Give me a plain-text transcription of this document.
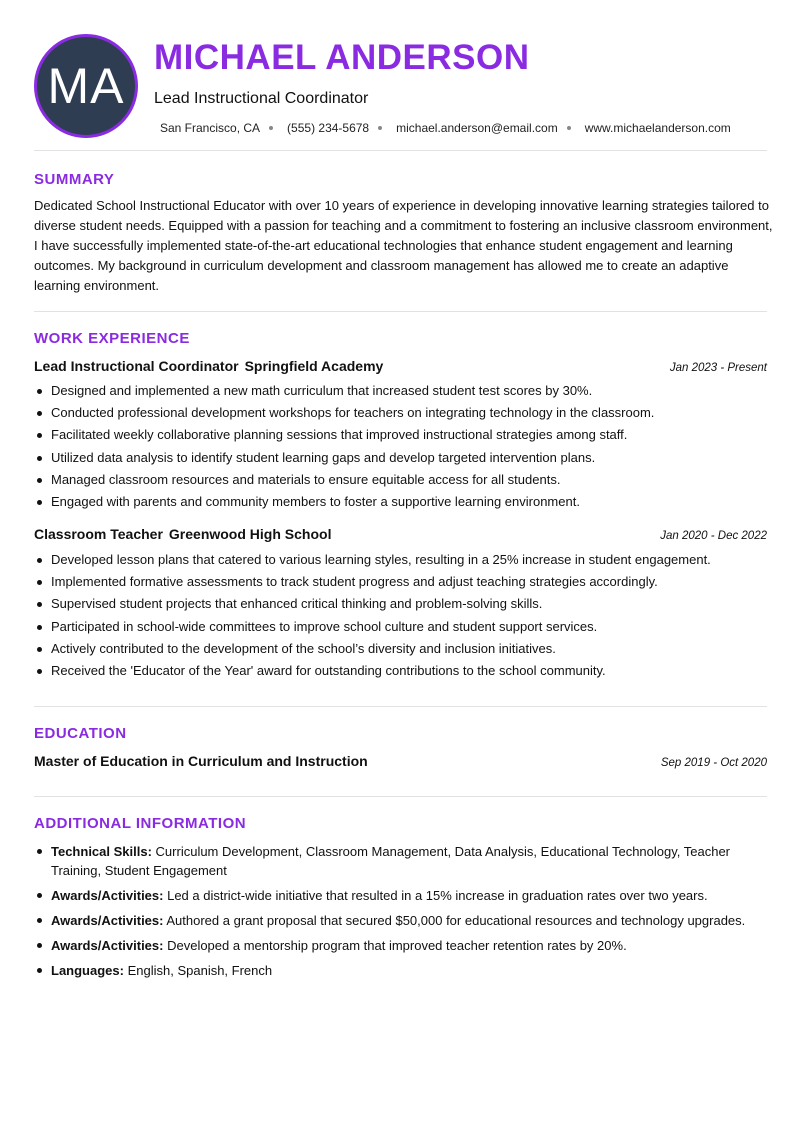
MA
MICHAEL ANDERSON
Lead Instructional Coordinator
San Francisco, CA (555) 234-5678 michael.anderson@email.com www.michaelanderson.com
SUMMARY

Dedicated School Instructional Educator with over 10 years of experience in developing innovative learning strategies tailored to diverse student needs. Equipped with a passion for teaching and a commitment to fostering an inclusive classroom environment, I have successfully implemented state-of-the-art educational technologies that enhance student engagement and learning outcomes. My background in curriculum development and classroom management has allowed me to create an adaptive learning environment.

WORK EXPERIENCE
Lead Instructional Coordinator Springfield Academy	Jan 2023 - Present
Designed and implemented a new math curriculum that increased student test scores by 30%.
Conducted professional development workshops for teachers on integrating technology in the classroom.
Facilitated weekly collaborative planning sessions that improved instructional strategies among staff.
Utilized data analysis to identify student learning gaps and develop targeted intervention plans.
Managed classroom resources and materials to ensure equitable access for all students.
Engaged with parents and community members to foster a supportive learning environment.
Classroom Teacher Greenwood High School	Jan 2020 - Dec 2022
Developed lesson plans that catered to various learning styles, resulting in a 25% increase in student engagement.
Implemented formative assessments to track student progress and adjust teaching strategies accordingly.
Supervised student projects that enhanced critical thinking and problem-solving skills.
Participated in school-wide committees to improve school culture and student support services.
Actively contributed to the development of the school’s diversity and inclusion initiatives.
Received the 'Educator of the Year' award for outstanding contributions to the school community.
EDUCATION
Master of Education in Curriculum and Instruction	Sep 2019 - Oct 2020
ADDITIONAL INFORMATION
Technical Skills: Curriculum Development, Classroom Management, Data Analysis, Educational Technology, Teacher Training, Student Engagement
Awards/Activities: Led a district-wide initiative that resulted in a 15% increase in graduation rates over two years.
Awards/Activities: Authored a grant proposal that secured $50,000 for educational resources and technology upgrades.
Awards/Activities: Developed a mentorship program that improved teacher retention rates by 20%.
Languages: English, Spanish, French
